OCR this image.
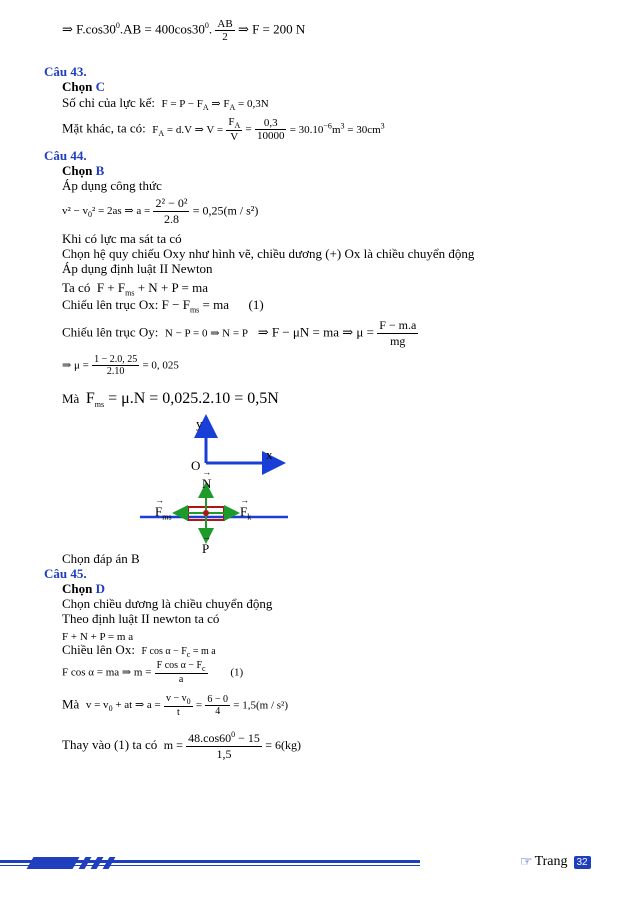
⇒ $F.\cos 30^0.AB = 400\cos 30^0$. $\frac{AB}{2}$ ⇒ F = 200 N
Câu 43.
Chọn C
Số chỉ của lực kế: $F = P - F_A$ ⇒ $F_A = 0,3N$
Mặt khác, ta có: $F_A = d.V$ ⇒ $V = \frac{F_A}{V} = \frac{0,3}{10000} = 30.10^{-6}m^3 = 30cm^3$
Câu 44.
Chọn B
Áp dụng công thức
$v^2 - v_0^2 = 2as$ ⇒ $a = \frac{\text{2² − 0²}}{2.8} = 0,25(m / s^2)$
Khi có lực ma sát ta có
Chọn hệ quy chiếu Oxy như hình vẽ, chiều dương (+) Ox là chiều chuyển động
Áp dụng định luật II Newton
Ta có $F + F_{ms} + N + P$ = ma
Chiếu lên trục Ox: $F - F_{ms}$ = ma (1)
Chiếu lên trục Oy: N − P = 0 ⇒ N = P ⇒ F − μN = ma ⇒ $\mu = \frac{F - m.a}{mg}$
⇒ $\mu = \frac{1 - 2.0, 25}{2.10} = 0$, 025
Mà $F_{ms} = \mu.N = 0,025.2.10 = 0,5N$
y
x
O
→ N
→ $F_{ms}$
→	$F_k$
→ P
Chọn đáp án B
Câu 45.
Chọn D
Chọn chiều dương là chiều chuyển động
Theo định luật II newton ta có
F + N + P = m a
Chiều lên Ox: F $\cos \alpha - F_c = m$ a
F cos α = ma ⇒ $m = \frac{F \cos \alpha - F_c}{a} (1)$
Mà $v = v_0$ + at ⇒ $a = \frac{v - v_0}{t} = \frac{6 - 0}{4} = 1,5(m / s^2)$
Thay vào (1) ta có $m = \frac{48.\cos 60^0 - 15}{1,5} = 6(kg)$
☞ Trang 32
